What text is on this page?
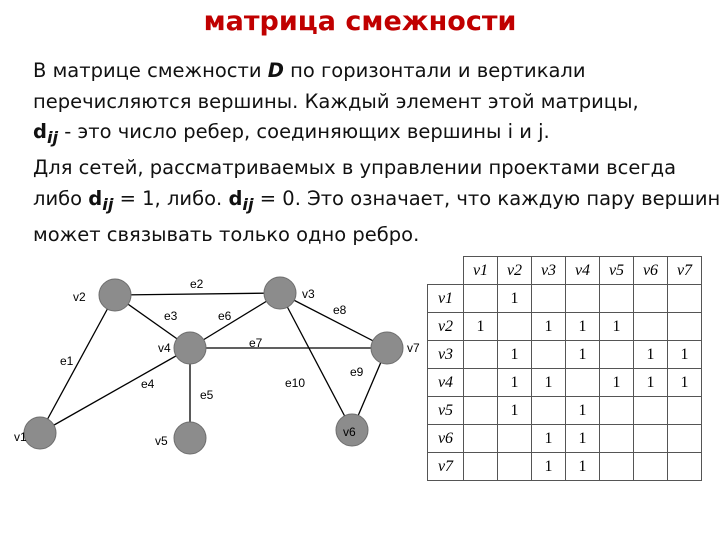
матрица смежности
В матрице смежности D по горизонтали и вертикали
перечисляются вершины. Каждый элемент этой матрицы,
$d_{ij}$ - это число ребер, соединяющих вершины i и j.
Для сетей, рассматриваемых в управлении проектами всегда
либо $d_{ij} = 1$, либо. $d_{ij} = 0$. Это означает, что каждую пару вершин
может связывать только одно ребро.
v1
v2	v3
v4
v5
v6
v7
e1
e2
e3
e4
e5
e6
e7
e8
e9
e10
	v1	v2	v3	v4	v5	v6	v7
v1		1					
v2	1		1	1	1		
v3		1		1		1	1
v4		1	1		1	1	1
v5		1		1			
v6			1	1			
v7			1	1			
